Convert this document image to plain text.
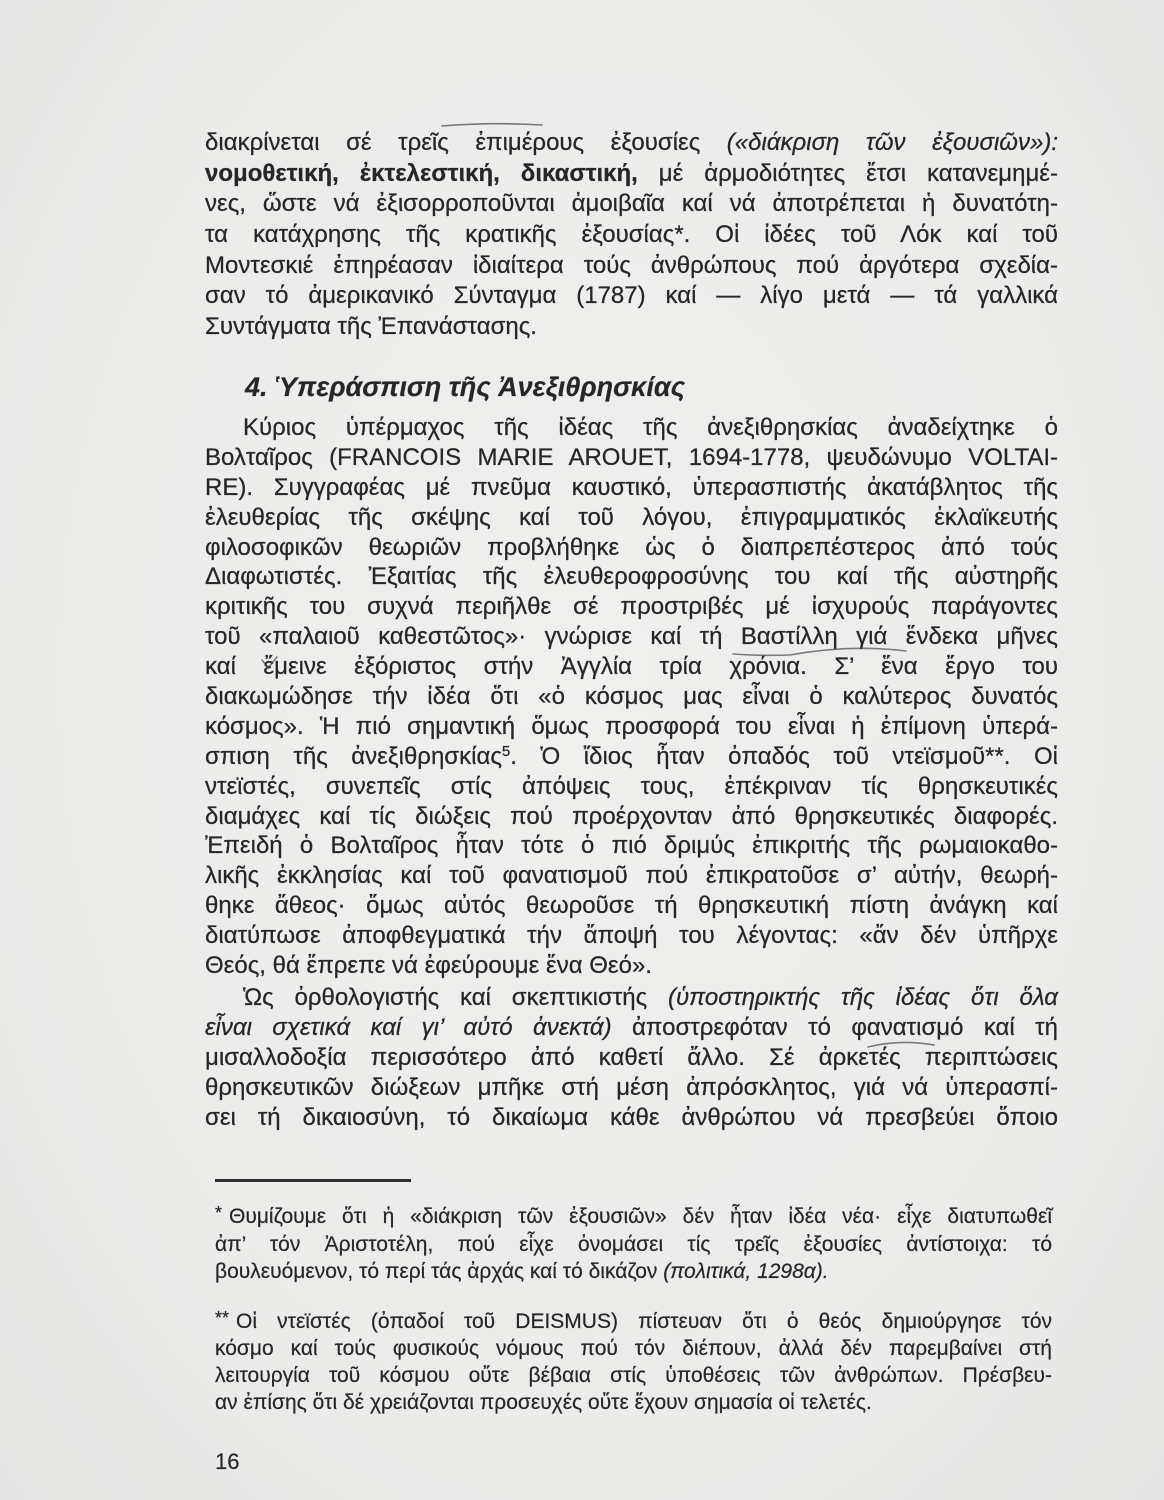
διακρίνεται σέ τρεῖς ἐπιμέρους ἐξουσίες («διάκριση τῶν ἐξουσιῶν»):
νομοθετική, ἐκτελεστική, δικαστική, μέ ἁρμοδιότητες ἔτσι κατανεμημέ-
νες, ὥστε νά ἐξισορροποῦνται ἀμοιβαῖα καί νά ἀποτρέπεται ἡ δυνατότη-
τα κατάχρησης τῆς κρατικῆς ἐξουσίας*. Οἱ ἰδέες τοῦ Λόκ καί τοῦ
Μοντεσκιέ ἐπηρέασαν ἰδιαίτερα τούς ἀνθρώπους πού ἀργότερα σχεδία-
σαν τό ἀμερικανικό Σύνταγμα (1787) καί — λίγο μετά — τά γαλλικά
Συντάγματα τῆς Ἐπανάστασης.
4. Ὑπεράσπιση τῆς Ἀνεξιθρησκίας
Κύριος ὑπέρμαχος τῆς ἰδέας τῆς ἀνεξιθρησκίας ἀναδείχτηκε ὁ
Βολταῖρος (FRANCOIS MARIE AROUET, 1694-1778, ψευδώνυμο VOLTAI-
RE). Συγγραφέας μέ πνεῦμα καυστικό, ὑπερασπιστής ἀκατάβλητος τῆς
ἐλευθερίας τῆς σκέψης καί τοῦ λόγου, ἐπιγραμματικός ἐκλαϊκευτής
φιλοσοφικῶν θεωριῶν προβλήθηκε ὡς ὁ διαπρεπέστερος ἀπό τούς
Διαφωτιστές. Ἐξαιτίας τῆς ἐλευθεροφροσύνης του καί τῆς αὐστηρῆς
κριτικῆς του συχνά περιῆλθε σέ προστριβές μέ ἰσχυρούς παράγοντες
τοῦ «παλαιοῦ καθεστῶτος»· γνώρισε καί τή Βαστίλλη γιά ἕνδεκα μῆνες
καί ἔμεινε ἐξόριστος στήν Ἀγγλία τρία χρόνια. Σ’ ἕνα ἔργο του
διακωμώδησε τήν ἰδέα ὅτι «ὁ κόσμος μας εἶναι ὁ καλύτερος δυνατός
κόσμος». Ἡ πιό σημαντική ὅμως προσφορά του εἶναι ἡ ἐπίμονη ὑπερά-
σπιση τῆς ἀνεξιθρησκίας$^5$. Ὁ ἴδιος ἦταν ὀπαδός τοῦ ντεϊσμοῦ**. Οἱ
ντεϊστές, συνεπεῖς στίς ἀπόψεις τους, ἐπέκριναν τίς θρησκευτικές
διαμάχες καί τίς διώξεις πού προέρχονταν ἀπό θρησκευτικές διαφορές.
Ἐπειδή ὁ Βολταῖρος ἦταν τότε ὁ πιό δριμύς ἐπικριτής τῆς ρωμαιοκαθο-
λικῆς ἐκκλησίας καί τοῦ φανατισμοῦ πού ἐπικρατοῦσε σ’ αὐτήν, θεωρή-
θηκε ἄθεος· ὅμως αὐτός θεωροῦσε τή θρησκευτική πίστη ἀνάγκη καί
διατύπωσε ἀποφθεγματικά τήν ἄποψή του λέγοντας: «ἄν δέν ὑπῆρχε
Θεός, θά ἔπρεπε νά ἐφεύρουμε ἕνα Θεό».
Ὡς ὀρθολογιστής καί σκεπτικιστής (ὑποστηρικτής τῆς ἰδέας ὅτι ὅλα
εἶναι σχετικά καί γι’ αὐτό ἀνεκτά) ἀποστρεφόταν τό φανατισμό καί τή
μισαλλοδοξία περισσότερο ἀπό καθετί ἄλλο. Σέ ἀρκετές περιπτώσεις
θρησκευτικῶν διώξεων μπῆκε στή μέση ἀπρόσκλητος, γιά νά ὑπερασπί-
σει τή δικαιοσύνη, τό δικαίωμα κάθε ἀνθρώπου νά πρεσβεύει ὅποιο
* Θυμίζουμε ὅτι ἡ «διάκριση τῶν ἐξουσιῶν» δέν ἦταν ἰδέα νέα· εἶχε διατυπωθεῖ
ἀπ’ τόν Ἀριστοτέλη, πού εἶχε ὀνομάσει τίς τρεῖς ἐξουσίες ἀντίστοιχα: τό
βουλευόμενον, τό περί τάς ἀρχάς καί τό δικάζον (πολιτικά, 1298α).
** Οἱ ντεϊστές (ὀπαδοί τοῦ DEISMUS) πίστευαν ὅτι ὁ θεός δημιούργησε τόν
κόσμο καί τούς φυσικούς νόμους πού τόν διέπουν, ἀλλά δέν παρεμβαίνει στή
λειτουργία τοῦ κόσμου οὔτε βέβαια στίς ὑποθέσεις τῶν ἀνθρώπων. Πρέσβευ-
αν ἐπίσης ὅτι δέ χρειάζονται προσευχές οὔτε ἔχουν σημασία οἱ τελετές.
16
